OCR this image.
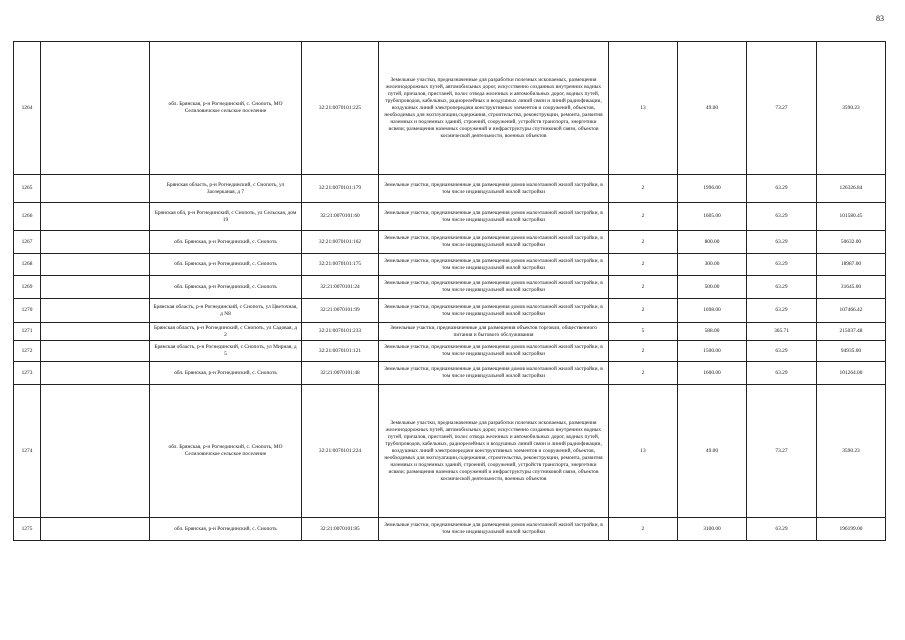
83
1264		обл. Брянская, р-н Рогнединский, с. Снопоть, МО Селиловичское сельское поселение	32:21:0070101:225	Земельные участки, предназначенные для разработки полезных ископаемых, размещения железнодорожных путей, автомобильных дорог, искусственно созданных внутренних водных путей, причалов, пристаней, полос отвода железных и автомобильных дорог, водных путей, трубопроводов, кабельных, радиорелейных и воздушных линий связи и линий радиофикации, воздушных линий электропередачи конструктивных элементов и сооружений, объектов, необходимых для эксплуатации,содержания, строительства, реконструкции, ремонта, развития наземных и подземных зданий, строений, сооружений, устройств транспорта, энергетики исвязи; размещения наземных сооружений и инфраструктуры спутниковой связи, объектов космической деятельности, военных объектов	13	49.00	73.27	3590.23
1265		Брянская область, р-н Рогнединский, с Снопоть, ул Заозерканая, д 7	32:21:0070101:179	Земельные участки, предназначенные для размещения домов малоэтажной жилой застройки, в том числе индивидуальной жилой застройки	2	1996.00	63.29	126326.84
1266		Брянская обл, р-н Рогнединский, с Снопоть, ул Сельская, дом 19	32:21:0070101:60	Земельные участки, предназначенные для размещения домов малоэтажной жилой застройки, в том числе индивидуальной жилой застройки	2	1605.00	63.29	101580.45
1267		обл. Брянская, р-н Рогнединский, с. Снопоть	32:21:0070101:162	Земельные участки, предназначенные для размещения домов малоэтажной жилой застройки, в том числе индивидуальной жилой застройки	2	800.00	63.29	50632.00
1268		обл. Брянская, р-н Рогнединский, с. Снопоть	32:21:0070101:175	Земельные участки, предназначенные для размещения домов малоэтажной жилой застройки, в том числе индивидуальной жилой застройки	2	300.00	63.29	18987.00
1269		обл. Брянская, р-н Рогнединский, с. Снопоть	32:21:0070101:24	Земельные участки, предназначенные для размещения домов малоэтажной жилой застройки, в том числе индивидуальной жилой застройки	2	500.00	63.29	31645.00
1270		Брянская область, р-н Рогнединский, с Снопоть, ул Цветочная, д N8	32:21:0070101:99	Земельные участки, предназначенные для размещения домов малоэтажной жилой застройки, в том числе индивидуальной жилой застройки	2	1698.00	63.29	107466.42
1271		Брянская область, р-н Рогнединский, с Снопоть, ул Садовая, д 2	32:21:0070101:233	Земельные участки, предназначенные для размещения объектов торговли, общественного питания и бытового обслуживания	5	588.00	365.71	215037.48
1272		Брянская область, р-н Рогнединский, с Снопоть, ул Мирная, д 5	32:21:0070101:121	Земельные участки, предназначенные для размещения домов малоэтажной жилой застройки, в том числе индивидуальной жилой застройки	2	1500.00	63.29	94935.00
1273		обл. Брянская, р-н Рогнединский, с. Снопоть	32:21:0070101:48	Земельные участки, предназначенные для размещения домов малоэтажной жилой застройки, в том числе индивидуальной жилой застройки	2	1600.00	63.29	101264.00
1274		обл. Брянская, р-н Рогнединский, с. Снопоть, МО Селиловичское сельское поселение	32:21:0070101:224	Земельные участки, предназначенные для разработки полезных ископаемых, размещения железнодорожных путей, автомобильных дорог, искусственно созданных внутренних водных путей, причалов, пристаней, полос отвода железных и автомобильных дорог, водных путей, трубопроводов, кабельных, радиорелейных и воздушных линий связи и линий радиофикации, воздушных линий электропередачи конструктивных элементов и сооружений, объектов, необходимых для эксплуатации,содержания, строительства, реконструкции, ремонта, развития наземных и подземных зданий, строений, сооружений, устройств транспорта, энергетики исвязи; размещения наземных сооружений и инфраструктуры спутниковой связи, объектов космической деятельности, военных объектов	13	49.00	73.27	3590.23
1275		обл. Брянская, р-н Рогнединский, с. Снопоть	32:21:0070101:85	Земельные участки, предназначенные для размещения домов малоэтажной жилой застройки, в том числе индивидуальной жилой застройки	2	3100.00	63.29	196199.00
